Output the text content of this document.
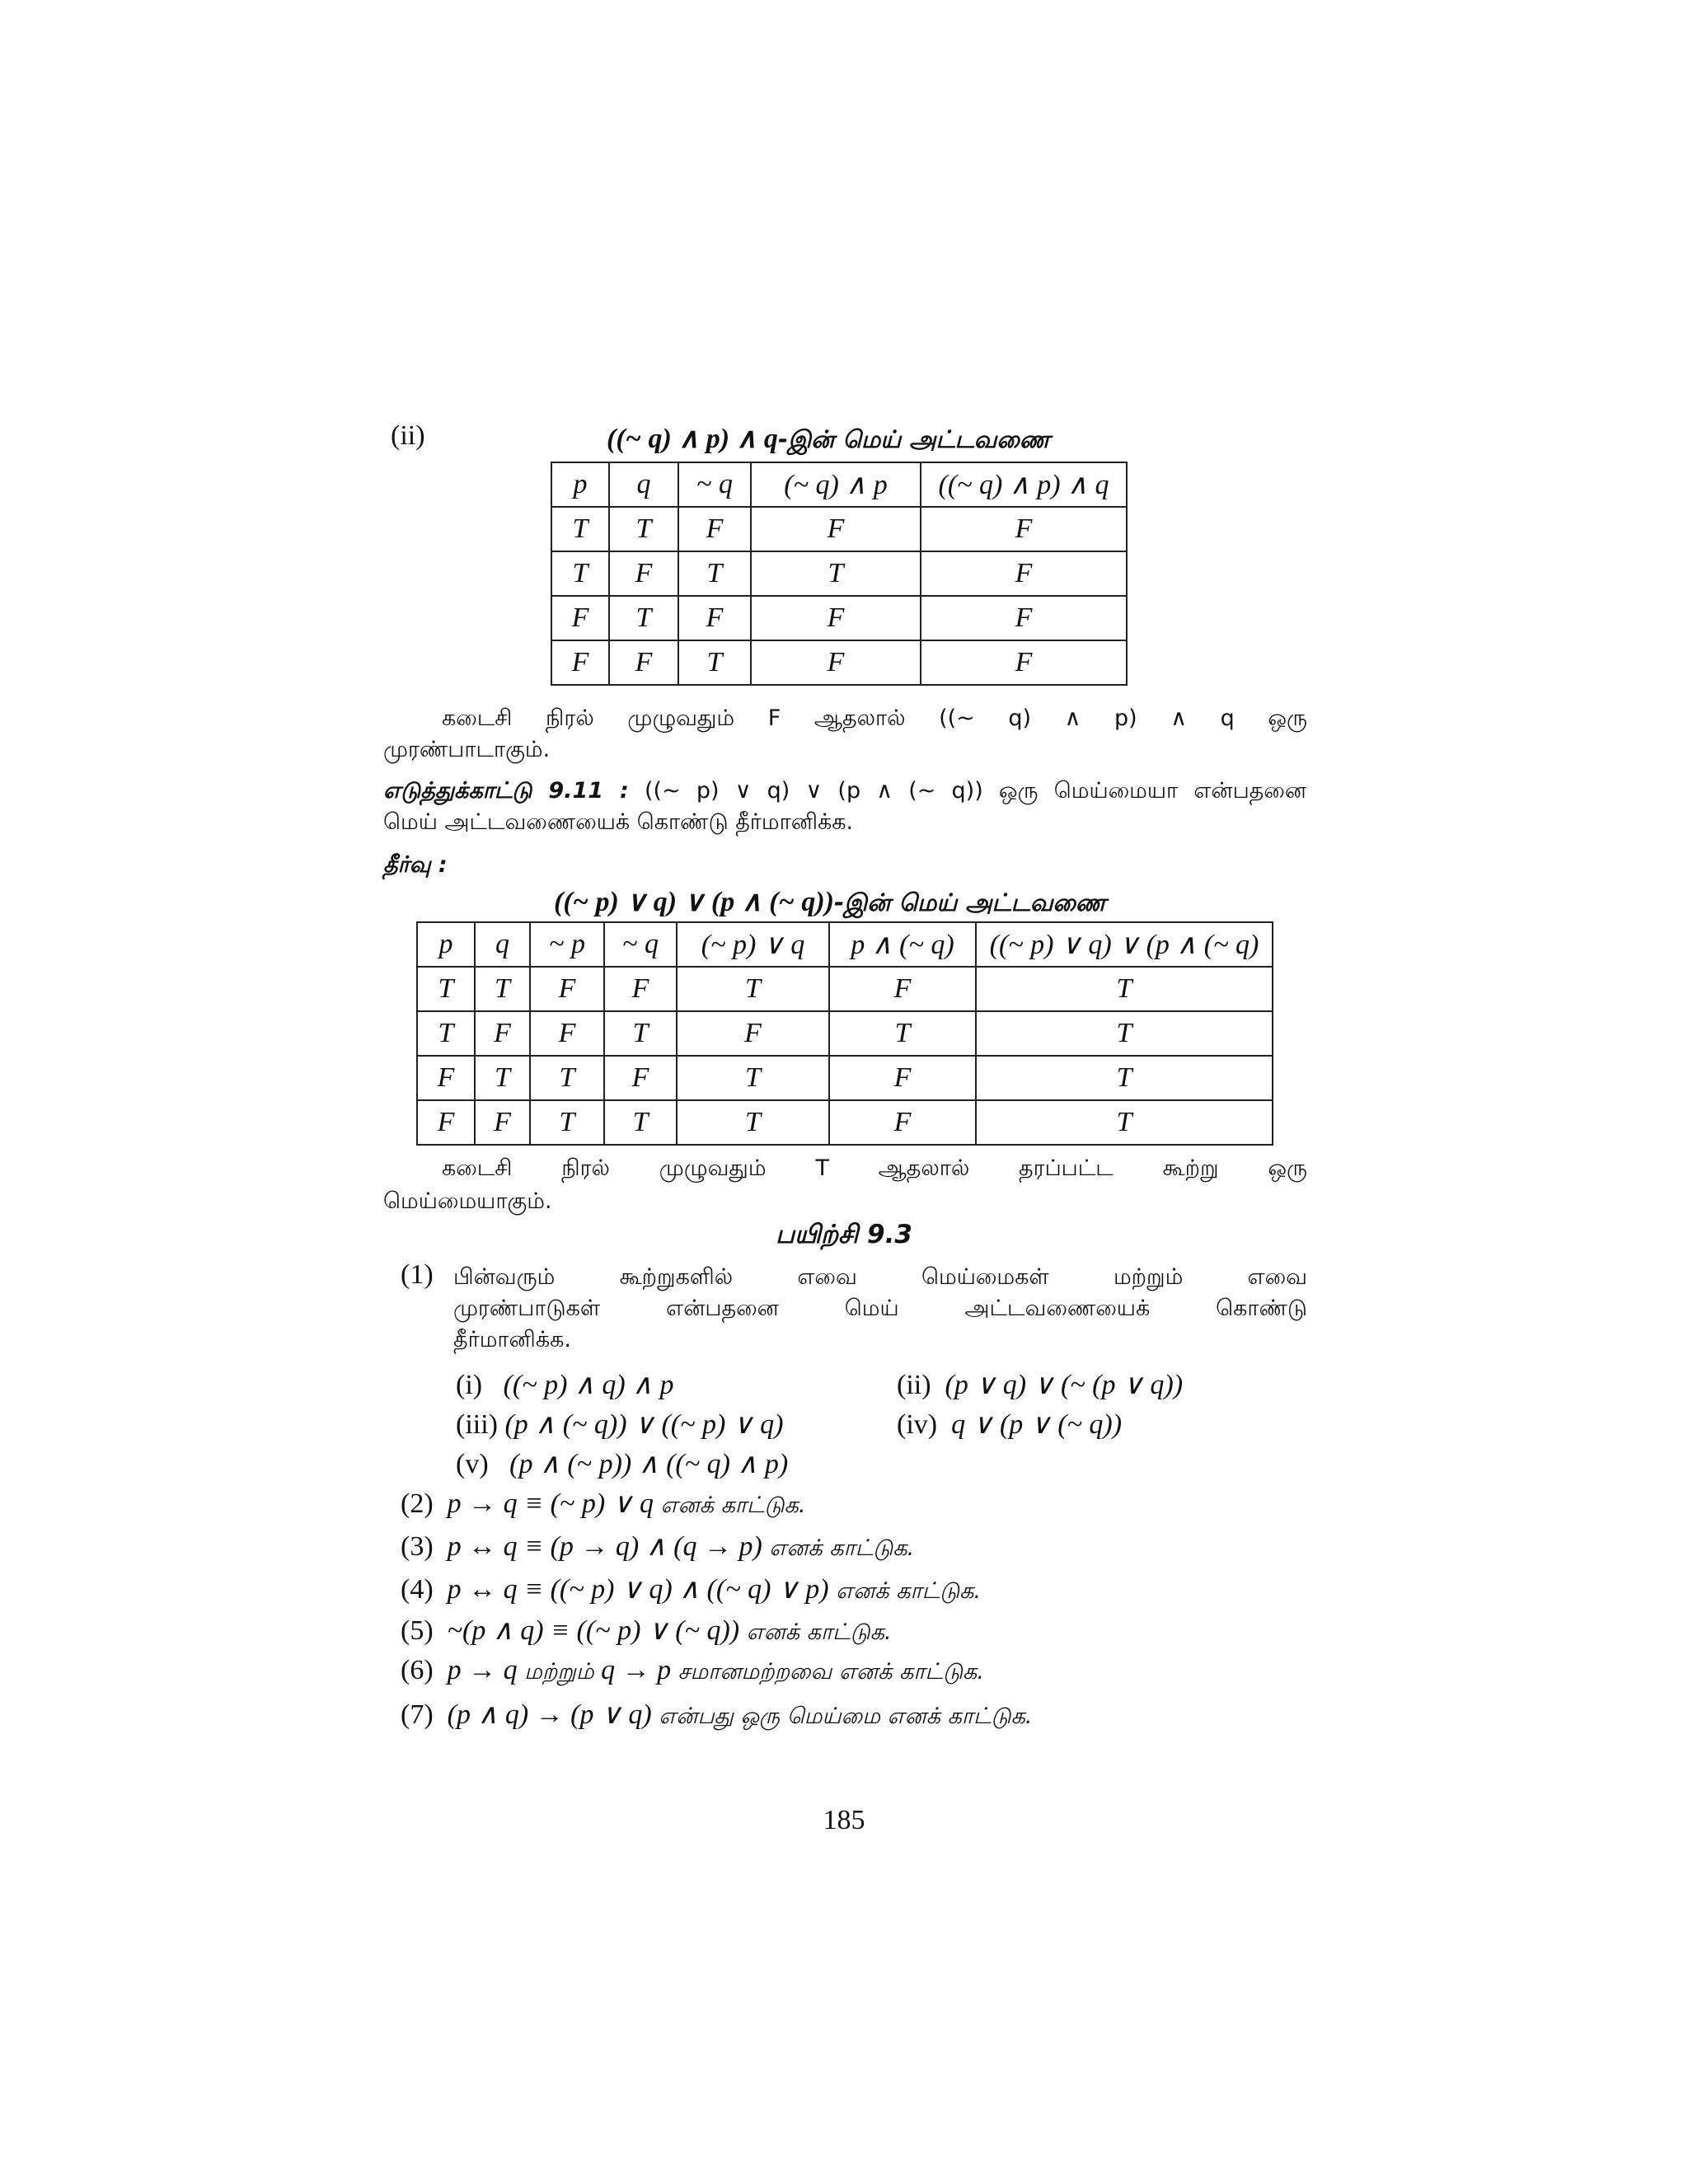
(ii)	((~ q) ∧ p) ∧ q-இன் மெய் அட்டவணை
p	q	~ q	(~ q) ∧ p	((~ q) ∧ p) ∧ q
T	T	F	F	F
T	F	T	T	F
F	T	F	F	F
F	F	T	F	F
கடைசி நிரல் முழுவதும் F ஆதலால் ((~ q) ∧ p) ∧ q ஒரு
முரண்பாடாகும்.
எடுத்துக்காட்டு 9.11 : ((~ p) ∨ q) ∨ (p ∧ (~ q)) ஒரு மெய்மையா என்பதனை
மெய் அட்டவணையைக் கொண்டு தீர்மானிக்க.
தீர்வு :
((~ p) ∨ q) ∨ (p ∧ (~ q))-இன் மெய் அட்டவணை
p	q	~ p	~ q	(~ p) ∨ q	p ∧ (~ q)	((~ p) ∨ q) ∨ (p ∧ (~ q)
T	T	F	F	T	F	T
T	F	F	T	F	T	T
F	T	T	F	T	F	T
F	F	T	T	T	F	T
கடைசி நிரல் முழுவதும் T ஆதலால் தரப்பட்ட கூற்று ஒரு
மெய்மையாகும்.
பயிற்சி 9.3
(1) பின்வரும் கூற்றுகளில் எவை மெய்மைகள் மற்றும் எவை
முரண்பாடுகள் என்பதனை மெய் அட்டவணையைக் கொண்டு
தீர்மானிக்க.
(i) ((~ p) ∧ q) ∧ p	(ii) (p ∨ q) ∨ (~ (p ∨ q))
(iii) (p ∧ (~ q)) ∨ ((~ p) ∨ q)	(iv) q ∨ (p ∨ (~ q))
(v) (p ∧ (~ p)) ∧ ((~ q) ∧ p)
(2) p → q ≡ (~ p) ∨ q எனக் காட்டுக.
(3) p ↔ q ≡ (p → q) ∧ (q → p) எனக் காட்டுக.
(4) p ↔ q ≡ ((~ p) ∨ q) ∧ ((~ q) ∨ p) எனக் காட்டுக.
(5) ~(p ∧ q) ≡ ((~ p) ∨ (~ q)) எனக் காட்டுக.
(6) p → q மற்றும் q → p சமானமற்றவை எனக் காட்டுக.
(7) (p ∧ q) → (p ∨ q) என்பது ஒரு மெய்மை எனக் காட்டுக.
185
